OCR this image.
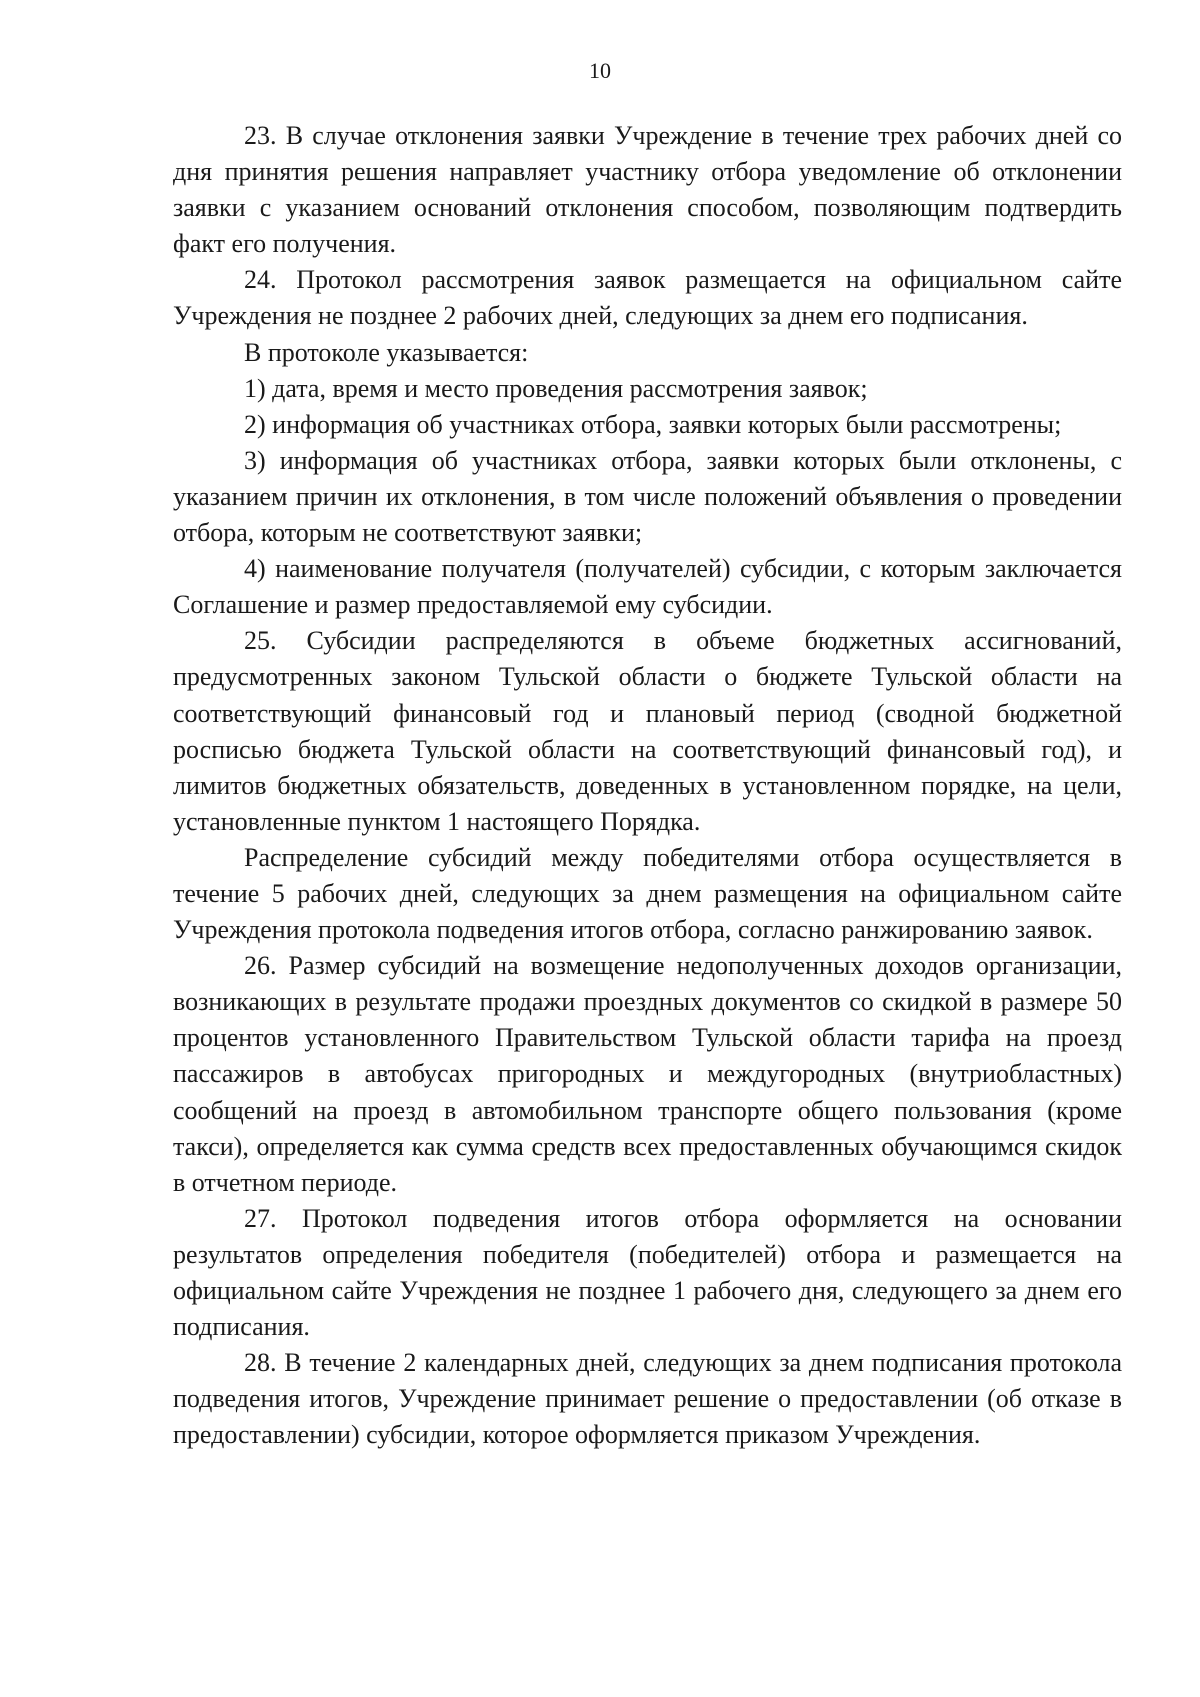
10

23. В случае отклонения заявки Учреждение в течение трех рабочих дней со дня принятия решения направляет участнику отбора уведомление об отклонении заявки с указанием оснований отклонения способом, позволяющим подтвердить факт его получения.

24. Протокол рассмотрения заявок размещается на официальном сайте Учреждения не позднее 2 рабочих дней, следующих за днем его подписания.

В протоколе указывается:

1) дата, время и место проведения рассмотрения заявок;

2) информация об участниках отбора, заявки которых были рассмотрены;

3) информация об участниках отбора, заявки которых были отклонены, с указанием причин их отклонения, в том числе положений объявления о проведении отбора, которым не соответствуют заявки;

4) наименование получателя (получателей) субсидии, с которым заключается Соглашение и размер предоставляемой ему субсидии.

25. Субсидии распределяются в объеме бюджетных ассигнований, предусмотренных законом Тульской области о бюджете Тульской области на соответствующий финансовый год и плановый период (сводной бюджетной росписью бюджета Тульской области на соответствующий финансовый год), и лимитов бюджетных обязательств, доведенных в установленном порядке, на цели, установленные пунктом 1 настоящего Порядка.

Распределение субсидий между победителями отбора осуществляется в течение 5 рабочих дней, следующих за днем размещения на официальном сайте Учреждения протокола подведения итогов отбора, согласно ранжированию заявок.

26. Размер субсидий на возмещение недополученных доходов организации, возникающих в результате продажи проездных документов со скидкой в размере 50 процентов установленного Правительством Тульской области тарифа на проезд пассажиров в автобусах пригородных и междугородных (внутриобластных) сообщений на проезд в автомобильном транспорте общего пользования (кроме такси), определяется как сумма средств всех предоставленных обучающимся скидок в отчетном периоде.

27. Протокол подведения итогов отбора оформляется на основании результатов определения победителя (победителей) отбора и размещается на официальном сайте Учреждения не позднее 1 рабочего дня, следующего за днем его подписания.

28. В течение 2 календарных дней, следующих за днем подписания протокола подведения итогов, Учреждение принимает решение о предоставлении (об отказе в предоставлении) субсидии, которое оформляется приказом Учреждения.
